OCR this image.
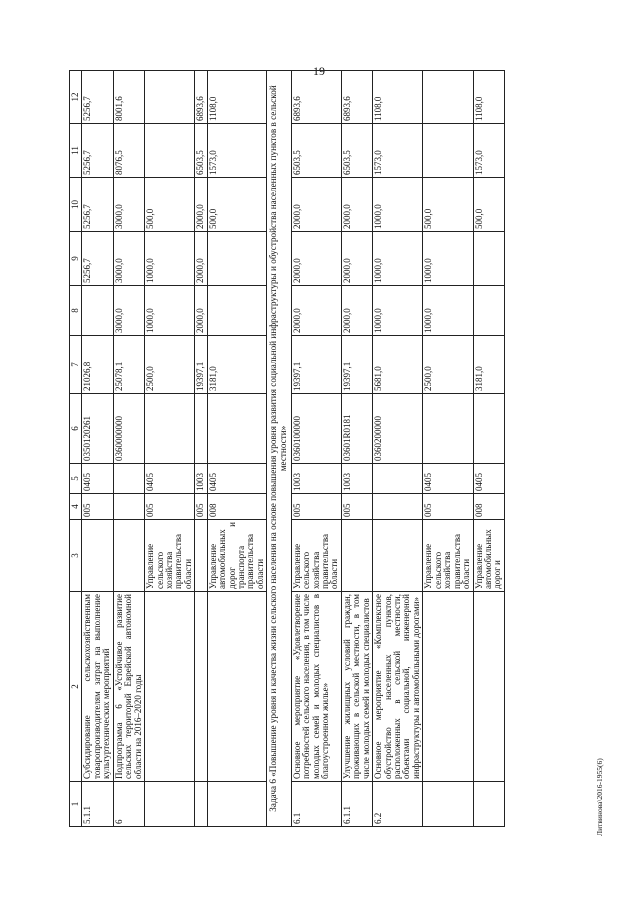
19
1	2	3	4	5	6	7	8	9	10	11	12
5.1.1	Субсидирование сельскохозяйственным товаропроизводителям затрат на выполнение культуртехнических мероприятий		005	0405	0350120261	21026,8		5256,7	5256,7	5256,7	5256,7
6	Подпрограмма 6 «Устойчивое развитие сельских территорий Еврейской автономной области на 2016–2020 годы				0360000000	25078,1	3000,0	3000,0	3000,0	8076,5	8001,6
		Управление сельского хозяйства правительства области	005	0405		2500,0	1000,0	1000,0	500,0		
			005	1003		19397,1	2000,0	2000,0	2000,0	6503,5	6893,6
		Управление автомобильных дорог и транспорта правительства области	008	0405		3181,0			500,0	1573,0	1108,0
Задача 6 «Повышение уровня и качества жизни сельского населения на основе повышения уровня развития социальной инфраструктуры и обустройства населенных пунктов в сельской местности»											
6.1	Основное мероприятие «Удовлетворение потребностей сельского населения, в том числе молодых семей и молодых специалистов в благоустроенном жилье»	Управление сельского хозяйства правительства области	005	1003	0360100000	19397,1	2000,0	2000,0	2000,0	6503,5	6893,6
6.1.1	Улучшение жилищных условий граждан, проживающих в сельской местности, в том числе молодых семей и молодых специалистов		005	1003	03601R0181	19397,1	2000,0	2000,0	2000,0	6503,5	6893,6
6.2	Основное мероприятие «Комплексное обустройство населенных пунктов, расположенных в сельской местности, объектами социальной, инженерной инфраструктуры и автомобильными дорогами»				0360200000	5681,0	1000,0	1000,0	1000,0	1573,0	1108,0
		Управление сельского хозяйства правительства области	005	0405		2500,0	1000,0	1000,0	500,0		
		Управление автомобильных дорог и	008	0405		3181,0			500,0	1573,0	1108,0
Литвинова\2016-1955(6)
